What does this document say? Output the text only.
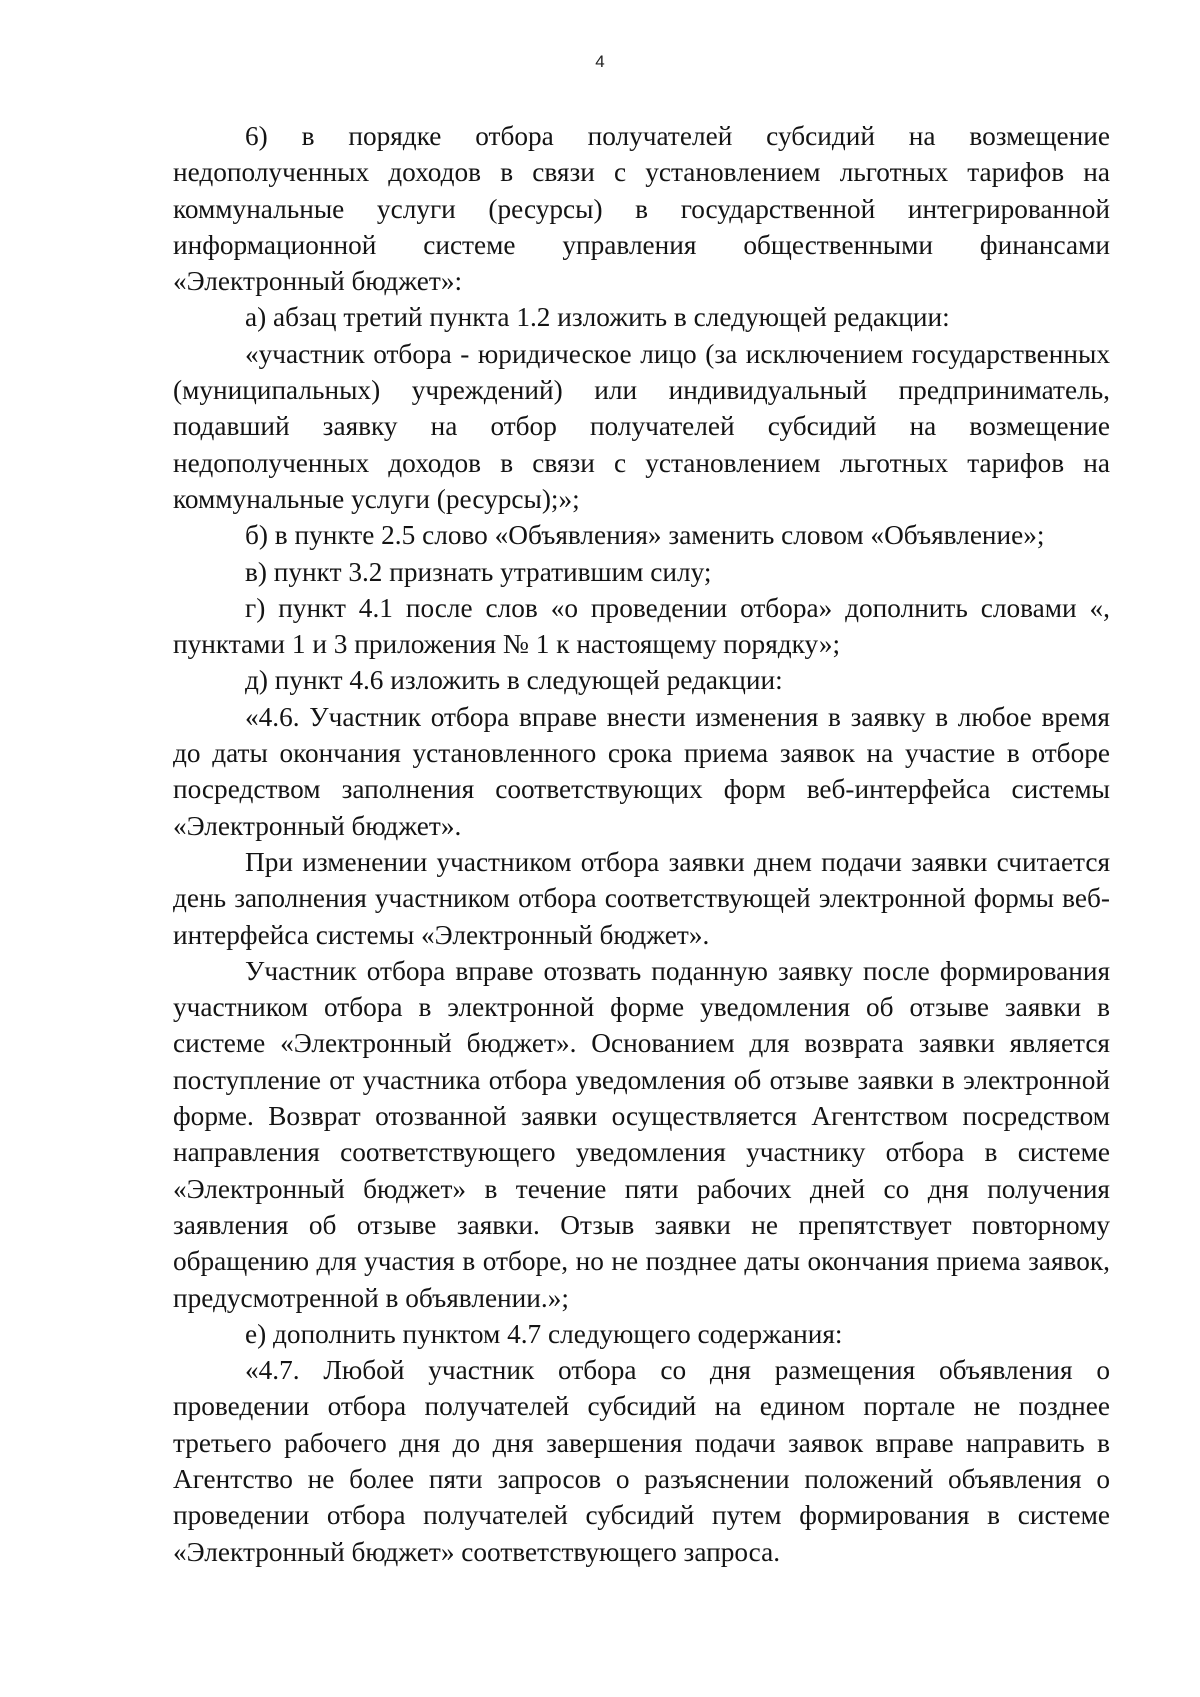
4

6) в порядке отбора получателей субсидий на возмещение недополученных доходов в связи с установлением льготных тарифов на коммунальные услуги (ресурсы) в государственной интегрированной информационной системе управления общественными финансами «Электронный бюджет»:

а) абзац третий пункта 1.2 изложить в следующей редакции:

«участник отбора - юридическое лицо (за исключением государственных (муниципальных) учреждений) или индивидуальный предприниматель, подавший заявку на отбор получателей субсидий на возмещение недополученных доходов в связи с установлением льготных тарифов на коммунальные услуги (ресурсы);»;

б) в пункте 2.5 слово «Объявления» заменить словом «Объявление»;

в) пункт 3.2 признать утратившим силу;

г) пункт 4.1 после слов «о проведении отбора» дополнить словами «, пунктами 1 и 3 приложения № 1 к настоящему порядку»;

д) пункт 4.6 изложить в следующей редакции:

«4.6. Участник отбора вправе внести изменения в заявку в любое время до даты окончания установленного срока приема заявок на участие в отборе посредством заполнения соответствующих форм веб-интерфейса системы «Электронный бюджет».

При изменении участником отбора заявки днем подачи заявки считается день заполнения участником отбора соответствующей электронной формы веб-интерфейса системы «Электронный бюджет».

Участник отбора вправе отозвать поданную заявку после формирования участником отбора в электронной форме уведомления об отзыве заявки в системе «Электронный бюджет». Основанием для возврата заявки является поступление от участника отбора уведомления об отзыве заявки в электронной форме. Возврат отозванной заявки осуществляется Агентством посредством направления соответствующего уведомления участнику отбора в системе «Электронный бюджет» в течение пяти рабочих дней со дня получения заявления об отзыве заявки. Отзыв заявки не препятствует повторному обращению для участия в отборе, но не позднее даты окончания приема заявок, предусмотренной в объявлении.»;

е) дополнить пунктом 4.7 следующего содержания:

«4.7. Любой участник отбора со дня размещения объявления о проведении отбора получателей субсидий на едином портале не позднее третьего рабочего дня до дня завершения подачи заявок вправе направить в Агентство не более пяти запросов о разъяснении положений объявления о проведении отбора получателей субсидий путем формирования в системе «Электронный бюджет» соответствующего запроса.
